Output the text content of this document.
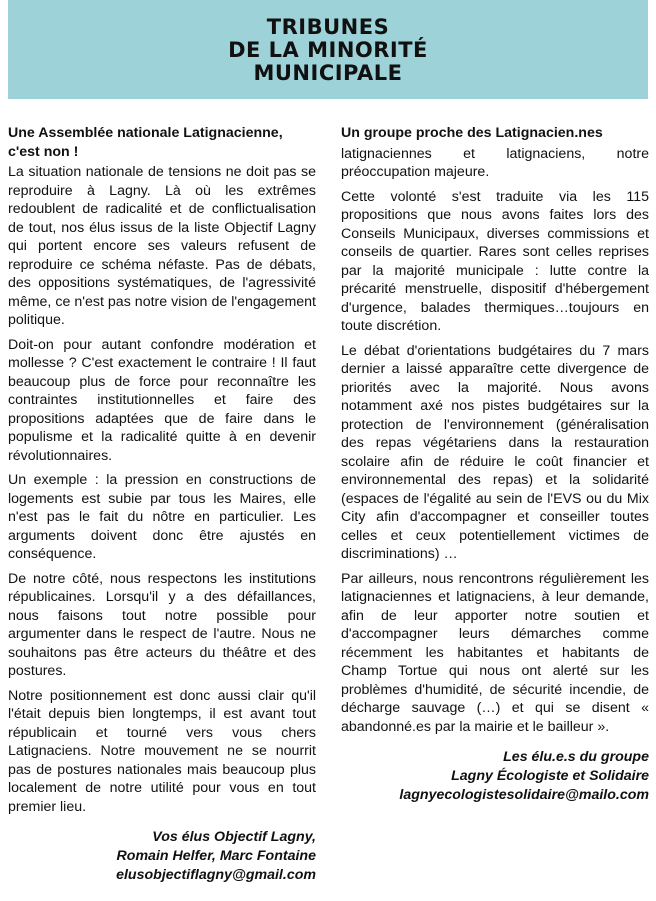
TRIBUNES
DE LA MINORITÉ
MUNICIPALE
Une Assemblée nationale Latignacienne,
c'est non !

La situation nationale de tensions ne doit pas se reproduire à Lagny. Là où les extrêmes redoublent de radicalité et de conflictualisation de tout, nos élus issus de la liste Objectif Lagny qui portent encore ses valeurs refusent de reproduire ce schéma néfaste. Pas de débats, des oppositions systématiques, de l'agressivité même, ce n'est pas notre vision de l'engagement politique.

Doit-on pour autant confondre modération et mollesse ? C'est exactement le contraire ! Il faut beaucoup plus de force pour reconnaître les contraintes institutionnelles et faire des propositions adaptées que de faire dans le populisme et la radicalité quitte à en devenir révolutionnaires.

Un exemple : la pression en constructions de logements est subie par tous les Maires, elle n'est pas le fait du nôtre en particulier. Les arguments doivent donc être ajustés en conséquence.

De notre côté, nous respectons les institutions républicaines. Lorsqu'il y a des défaillances, nous faisons tout notre possible pour argumenter dans le respect de l'autre. Nous ne souhaitons pas être acteurs du théâtre et des postures.

Notre positionnement est donc aussi clair qu'il l'était depuis bien longtemps, il est avant tout républicain et tourné vers vous chers Latignaciens. Notre mouvement ne se nourrit pas de postures nationales mais beaucoup plus localement de notre utilité pour vous en tout premier lieu.

Vos élus Objectif Lagny,
Romain Helfer, Marc Fontaine
elusobjectiflagny@gmail.com
Un groupe proche des Latignacien.nes

latignaciennes et latignaciens, notre préoccupation majeure.

Cette volonté s'est traduite via les 115 propositions que nous avons faites lors des Conseils Municipaux, diverses commissions et conseils de quartier. Rares sont celles reprises par la majorité municipale : lutte contre la précarité menstruelle, dispositif d'hébergement d'urgence, balades thermiques…toujours en toute discrétion.

Le débat d'orientations budgétaires du 7 mars dernier a laissé apparaître cette divergence de priorités avec la majorité. Nous avons notamment axé nos pistes budgétaires sur la protection de l'environnement (généralisation des repas végétariens dans la restauration scolaire afin de réduire le coût financier et environnemental des repas) et la solidarité (espaces de l'égalité au sein de l'EVS ou du Mix City afin d'accompagner et conseiller toutes celles et ceux potentiellement victimes de discriminations) …

Par ailleurs, nous rencontrons régulièrement les latignaciennes et latignaciens, à leur demande, afin de leur apporter notre soutien et d'accompagner leurs démarches comme récemment les habitantes et habitants de Champ Tortue qui nous ont alerté sur les problèmes d'humidité, de sécurité incendie, de décharge sauvage (…) et qui se disent « abandonné.es par la mairie et le bailleur ».

Les élu.e.s du groupe
Lagny Écologiste et Solidaire
lagnyecologistesolidaire@mailo.com
